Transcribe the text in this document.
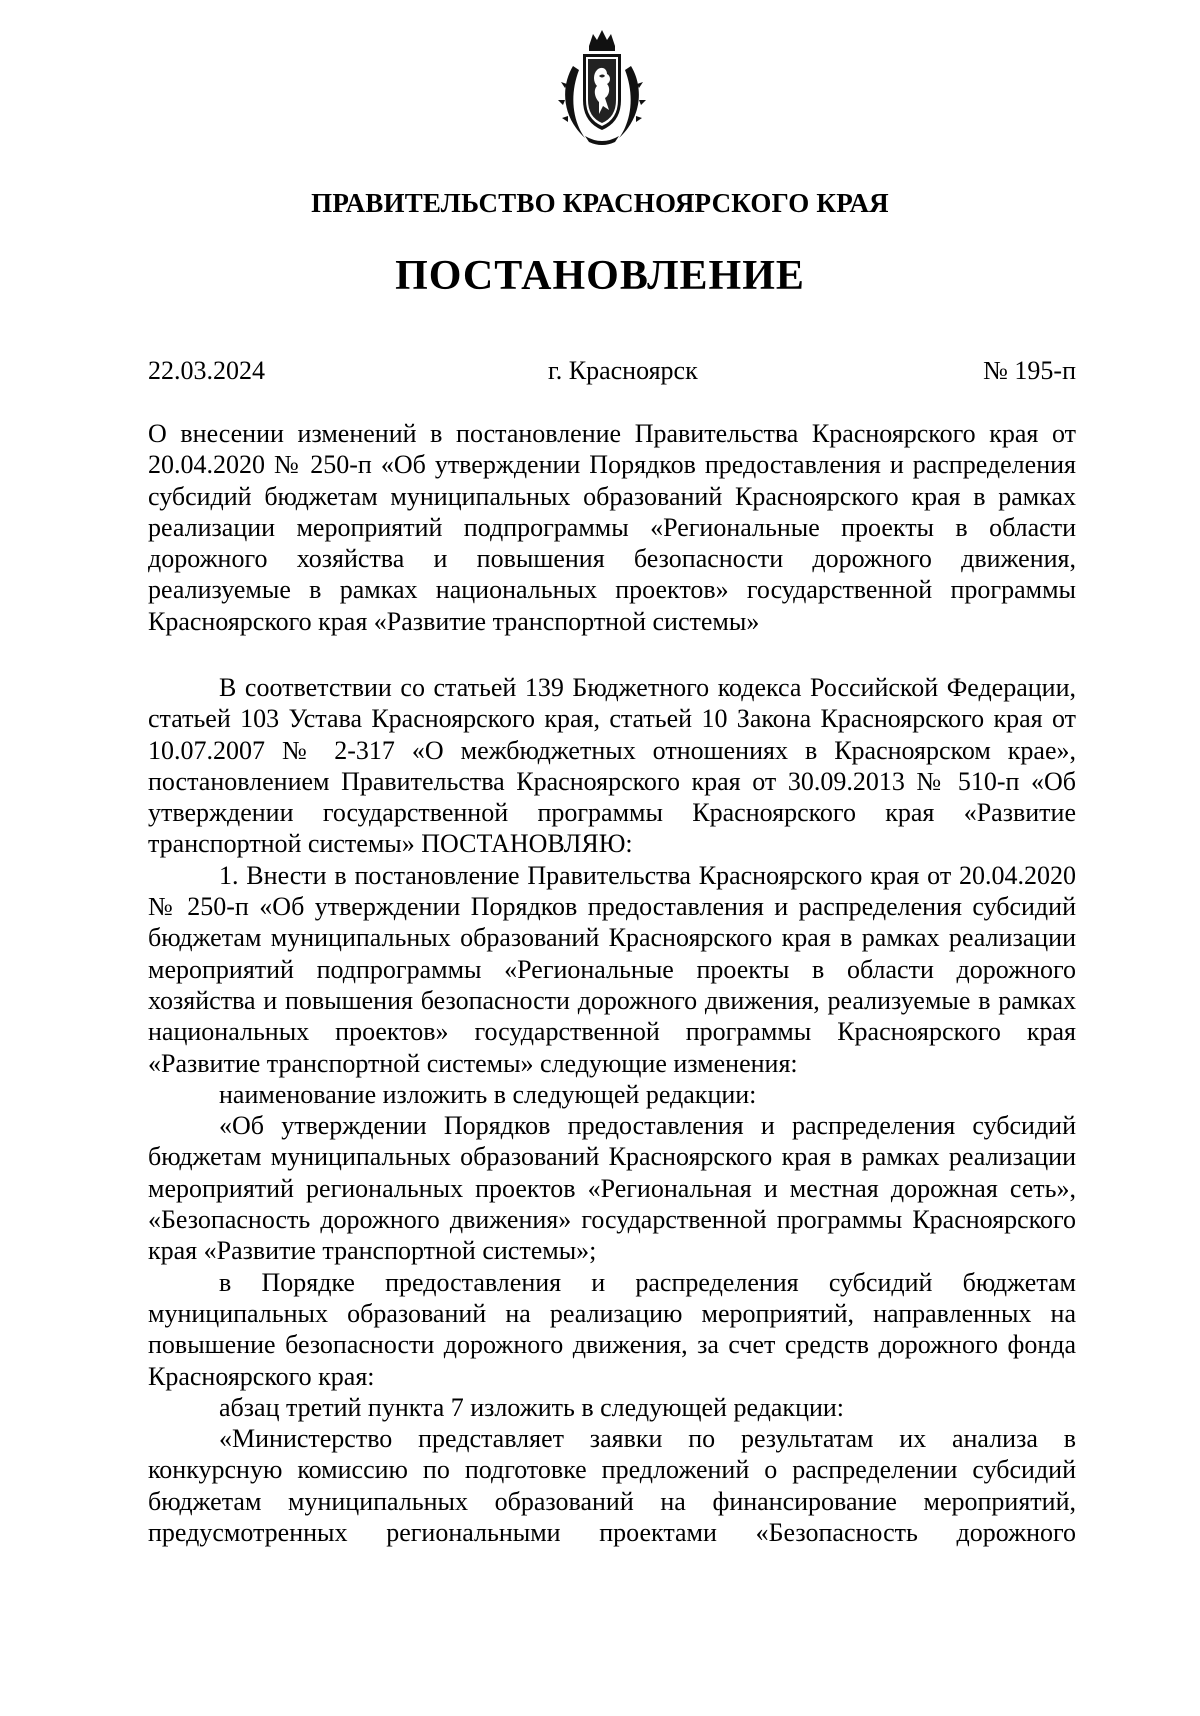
ПРАВИТЕЛЬСТВО КРАСНОЯРСКОГО КРАЯ
ПОСТАНОВЛЕНИЕ
22.03.2024	г. Красноярск	№ 195-п

О внесении изменений в постановление Правительства Красноярского края от 20.04.2020 № 250-п «Об утверждении Порядков предоставления и распределения субсидий бюджетам муниципальных образований Красноярского края в рамках реализации мероприятий подпрограммы «Региональные проекты в области дорожного хозяйства и повышения безопасности дорожного движения, реализуемые в рамках национальных проектов» государственной программы Красноярского края «Развитие транспортной системы»

В соответствии со статьей 139 Бюджетного кодекса Российской Федерации, статьей 103 Устава Красноярского края, статьей 10 Закона Красноярского края от 10.07.2007 № 2-317 «О межбюджетных отношениях в Красноярском крае», постановлением Правительства Красноярского края от 30.09.2013 № 510-п «Об утверждении государственной программы Красноярского края «Развитие транспортной системы» ПОСТАНОВЛЯЮ:

1. Внести в постановление Правительства Красноярского края от 20.04.2020 № 250-п «Об утверждении Порядков предоставления и распределения субсидий бюджетам муниципальных образований Красноярского края в рамках реализации мероприятий подпрограммы «Региональные проекты в области дорожного хозяйства и повышения безопасности дорожного движения, реализуемые в рамках национальных проектов» государственной программы Красноярского края «Развитие транспортной системы» следующие изменения:

наименование изложить в следующей редакции:

«Об утверждении Порядков предоставления и распределения субсидий бюджетам муниципальных образований Красноярского края в рамках реализации мероприятий региональных проектов «Региональная и местная дорожная сеть», «Безопасность дорожного движения» государственной программы Красноярского края «Развитие транспортной системы»;

в Порядке предоставления и распределения субсидий бюджетам муниципальных образований на реализацию мероприятий, направленных на повышение безопасности дорожного движения, за счет средств дорожного фонда Красноярского края:

абзац третий пункта 7 изложить в следующей редакции:

«Министерство представляет заявки по результатам их анализа в конкурсную комиссию по подготовке предложений о распределении субсидий бюджетам муниципальных образований на финансирование мероприятий, предусмотренных региональными проектами «Безопасность дорожного
